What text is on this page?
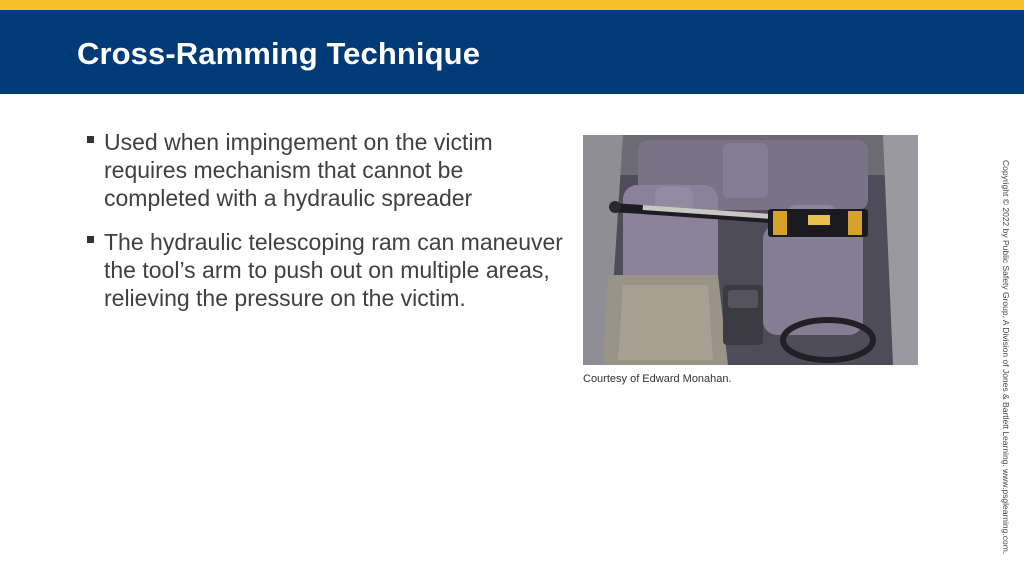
Cross-Ramming Technique
Used when impingement on the victim requires mechanism that cannot be completed with a hydraulic spreader
The hydraulic telescoping ram can maneuver the tool’s arm to push out on multiple areas, relieving the pressure on the victim.
Courtesy of Edward Monahan.	Copyright © 2022 by Public Safety Group, A Division of Jones & Bartlett Learning. www.psglearning.com.
